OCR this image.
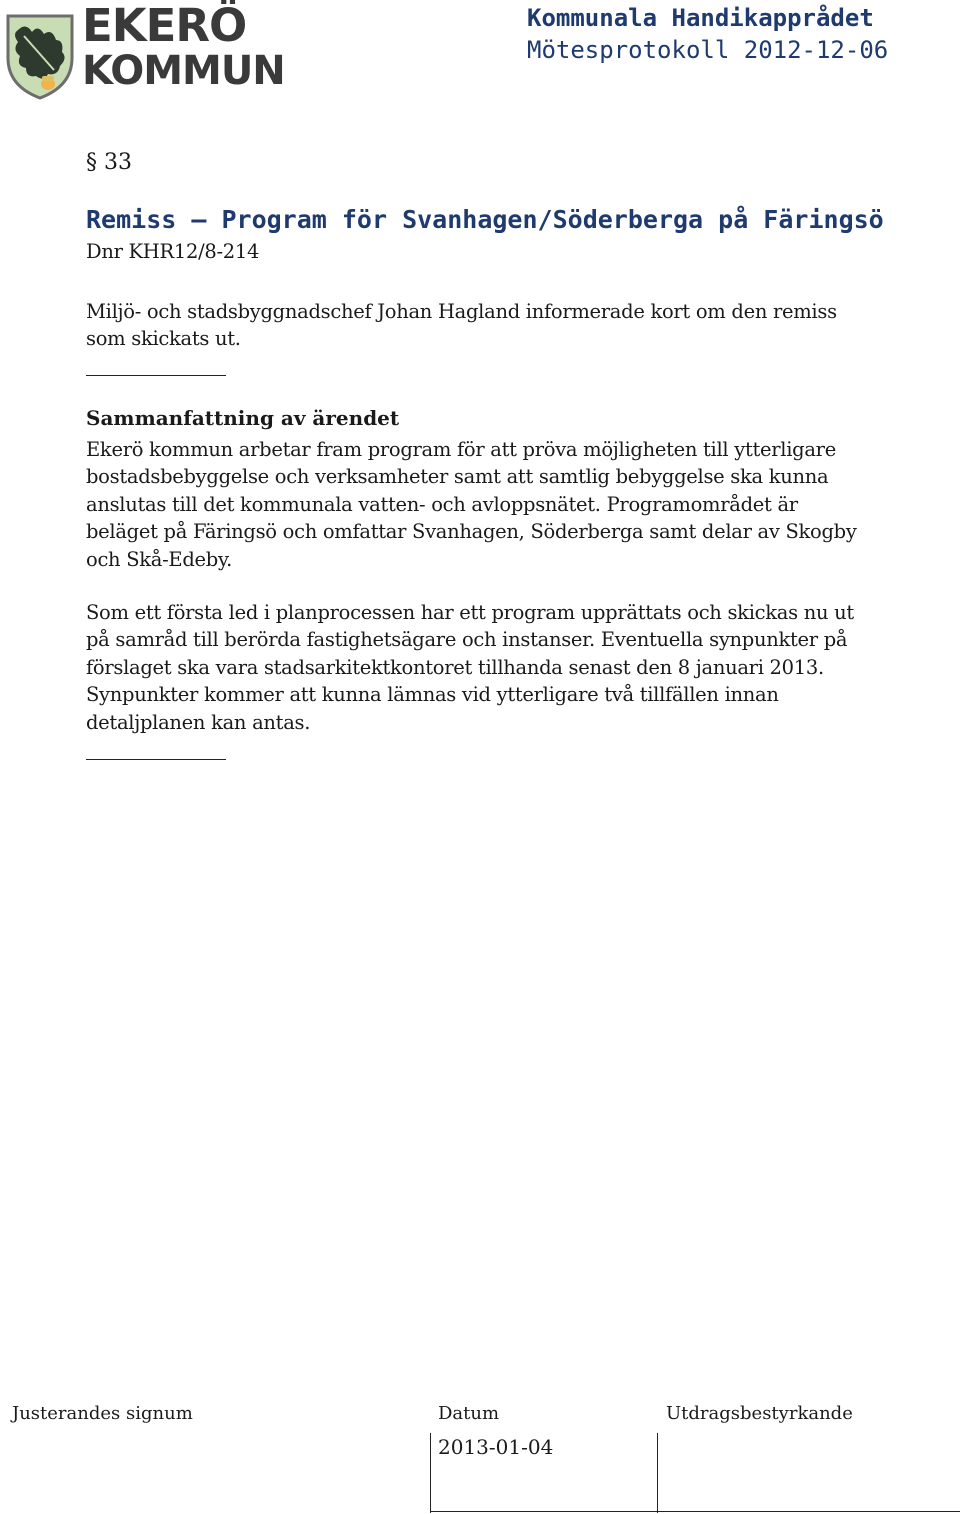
EKERÖ
KOMMUN
Kommunala Handikapprådet
Mötesprotokoll 2012-12-06
§ 33
Remiss – Program för Svanhagen/Söderberga på Färingsö
Dnr KHR12/8-214
Miljö- och stadsbyggnadschef Johan Hagland informerade kort om den remiss som skickats ut.
Sammanfattning av ärendet
Ekerö kommun arbetar fram program för att pröva möjligheten till ytterligare bostadsbebyggelse och verksamheter samt att samtlig bebyggelse ska kunna anslutas till det kommunala vatten- och avloppsnätet. Programområdet är beläget på Färingsö och omfattar Svanhagen, Söderberga samt delar av Skogby och Skå-Edeby.
Som ett första led i planprocessen har ett program upprättats och skickas nu ut på samråd till berörda fastighetsägare och instanser. Eventuella synpunkter på förslaget ska vara stadsarkitektkontoret tillhanda senast den 8 januari 2013. Synpunkter kommer att kunna lämnas vid ytterligare två tillfällen innan detaljplanen kan antas.
Justerandes signum	Datum	Utdragsbestyrkande
2013-01-04
